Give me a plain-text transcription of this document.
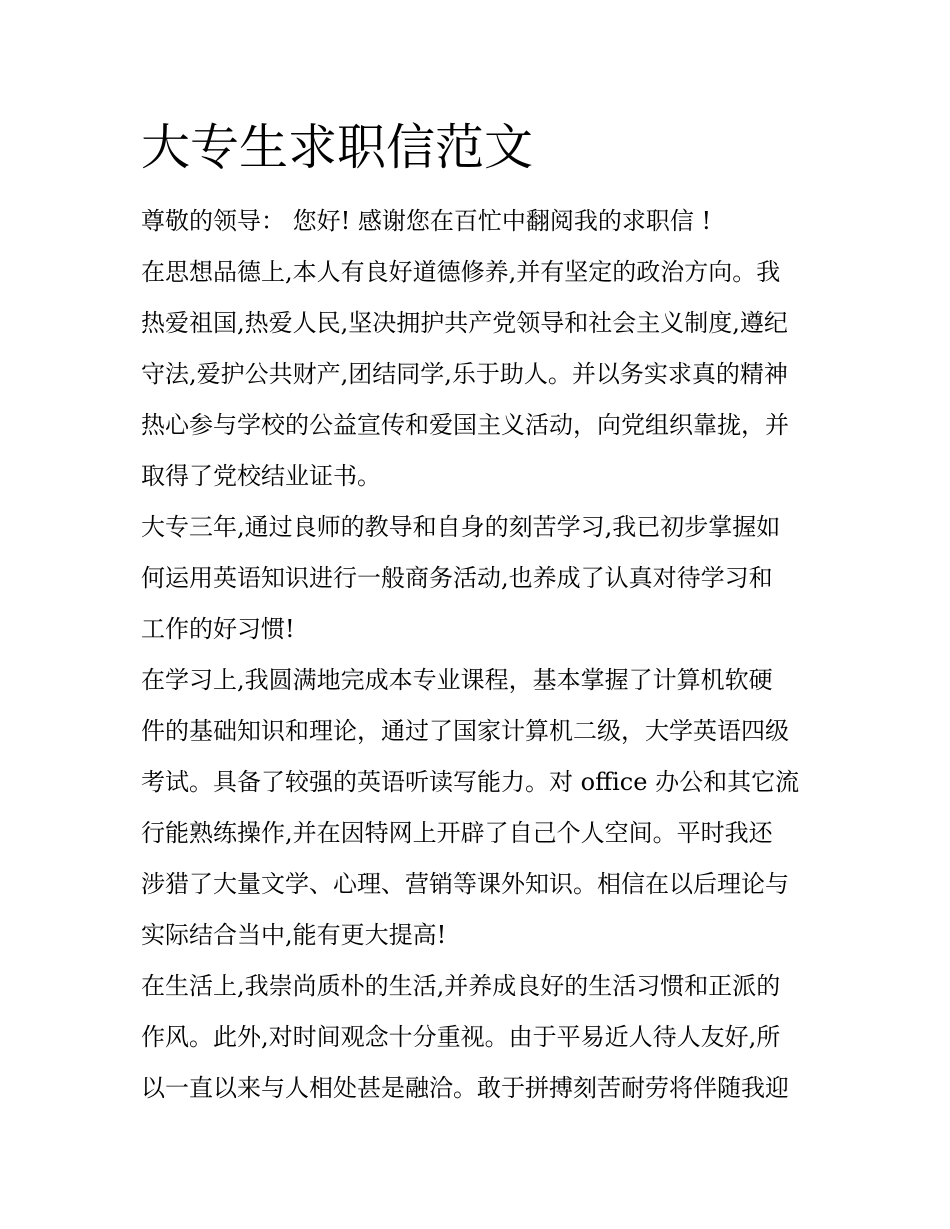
大专生求职信范文

尊敬的领导： 您好! 感谢您在百忙中翻阅我的求职信 !

在思想品德上,本人有良好道德修养,并有坚定的政治方向。我
热爱祖国,热爱人民,坚决拥护共产党领导和社会主义制度,遵纪
守法,爱护公共财产,团结同学,乐于助人。并以务实求真的精神
热心参与学校的公益宣传和爱国主义活动，向党组织靠拢，并
取得了党校结业证书。

大专三年,通过良师的教导和自身的刻苦学习,我已初步掌握如
何运用英语知识进行一般商务活动,也养成了认真对待学习和
工作的好习惯!

在学习上,我圆满地完成本专业课程，基本掌握了计算机软硬
件的基础知识和理论，通过了国家计算机二级，大学英语四级
考试。具备了较强的英语听读写能力。对 office 办公和其它流
行能熟练操作,并在因特网上开辟了自己个人空间。平时我还
涉猎了大量文学、心理、营销等课外知识。相信在以后理论与
实际结合当中,能有更大提高!

在生活上,我崇尚质朴的生活,并养成良好的生活习惯和正派的
作风。此外,对时间观念十分重视。由于平易近人待人友好,所
以一直以来与人相处甚是融洽。敢于拼搏刻苦耐劳将伴随我迎
